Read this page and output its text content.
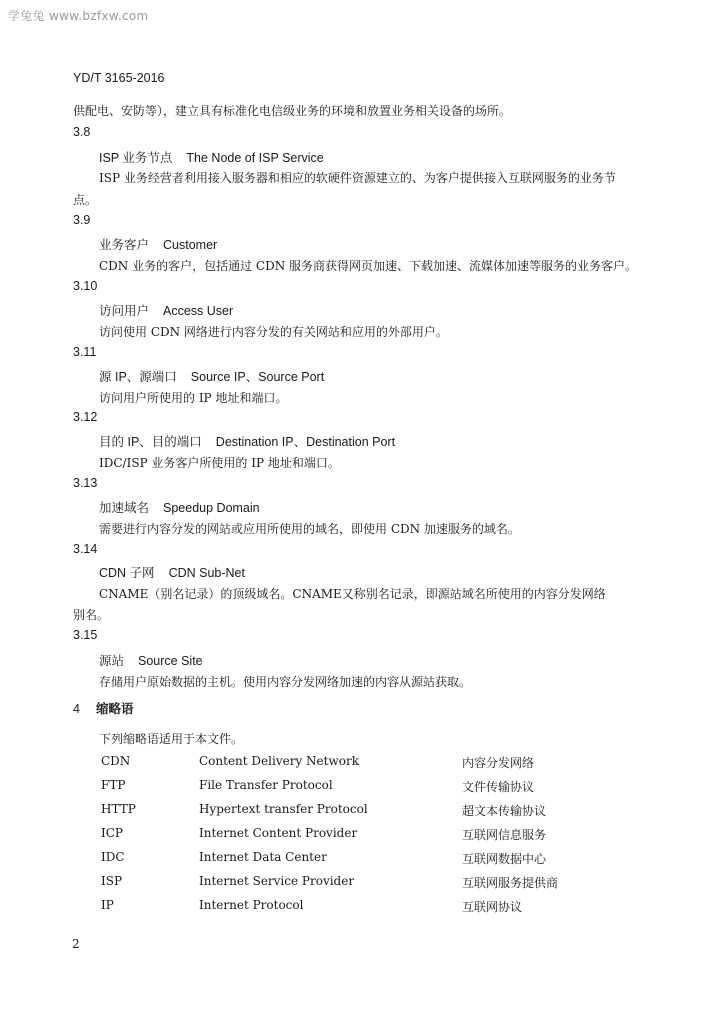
学兔兔 www.bzfxw.com
YD/T 3165-2016
供配电、安防等），建立具有标准化电信级业务的环境和放置业务相关设备的场所。
3.8
ISP 业务节点 The Node of ISP Service
ISP 业务经营者利用接入服务器和相应的软硬件资源建立的、为客户提供接入互联网服务的业务节
点。
3.9
业务客户 Customer
CDN 业务的客户，包括通过 CDN 服务商获得网页加速、下载加速、流媒体加速等服务的业务客户。
3.10
访问用户 Access User
访问使用 CDN 网络进行内容分发的有关网站和应用的外部用户。
3.11
源 IP、源端口 Source IP、Source Port
访问用户所使用的 IP 地址和端口。
3.12
目的 IP、目的端口 Destination IP、Destination Port
IDC/ISP 业务客户所使用的 IP 地址和端口。
3.13
加速域名 Speedup Domain
需要进行内容分发的网站或应用所使用的域名，即使用 CDN 加速服务的域名。
3.14
CDN 子网 CDN Sub-Net
CNAME（别名记录）的顶级域名。CNAME又称别名记录，即源站域名所使用的内容分发网络
别名。
3.15
源站 Source Site
存储用户原始数据的主机。使用内容分发网络加速的内容从源站获取。
4 缩略语
下列缩略语适用于本文件。
CDN	Content Delivery Network	内容分发网络
FTP	File Transfer Protocol	文件传输协议
HTTP	Hypertext transfer Protocol	超文本传输协议
ICP	Internet Content Provider	互联网信息服务
IDC	Internet Data Center	互联网数据中心
ISP	Internet Service Provider	互联网服务提供商
IP	Internet Protocol	互联网协议
2
